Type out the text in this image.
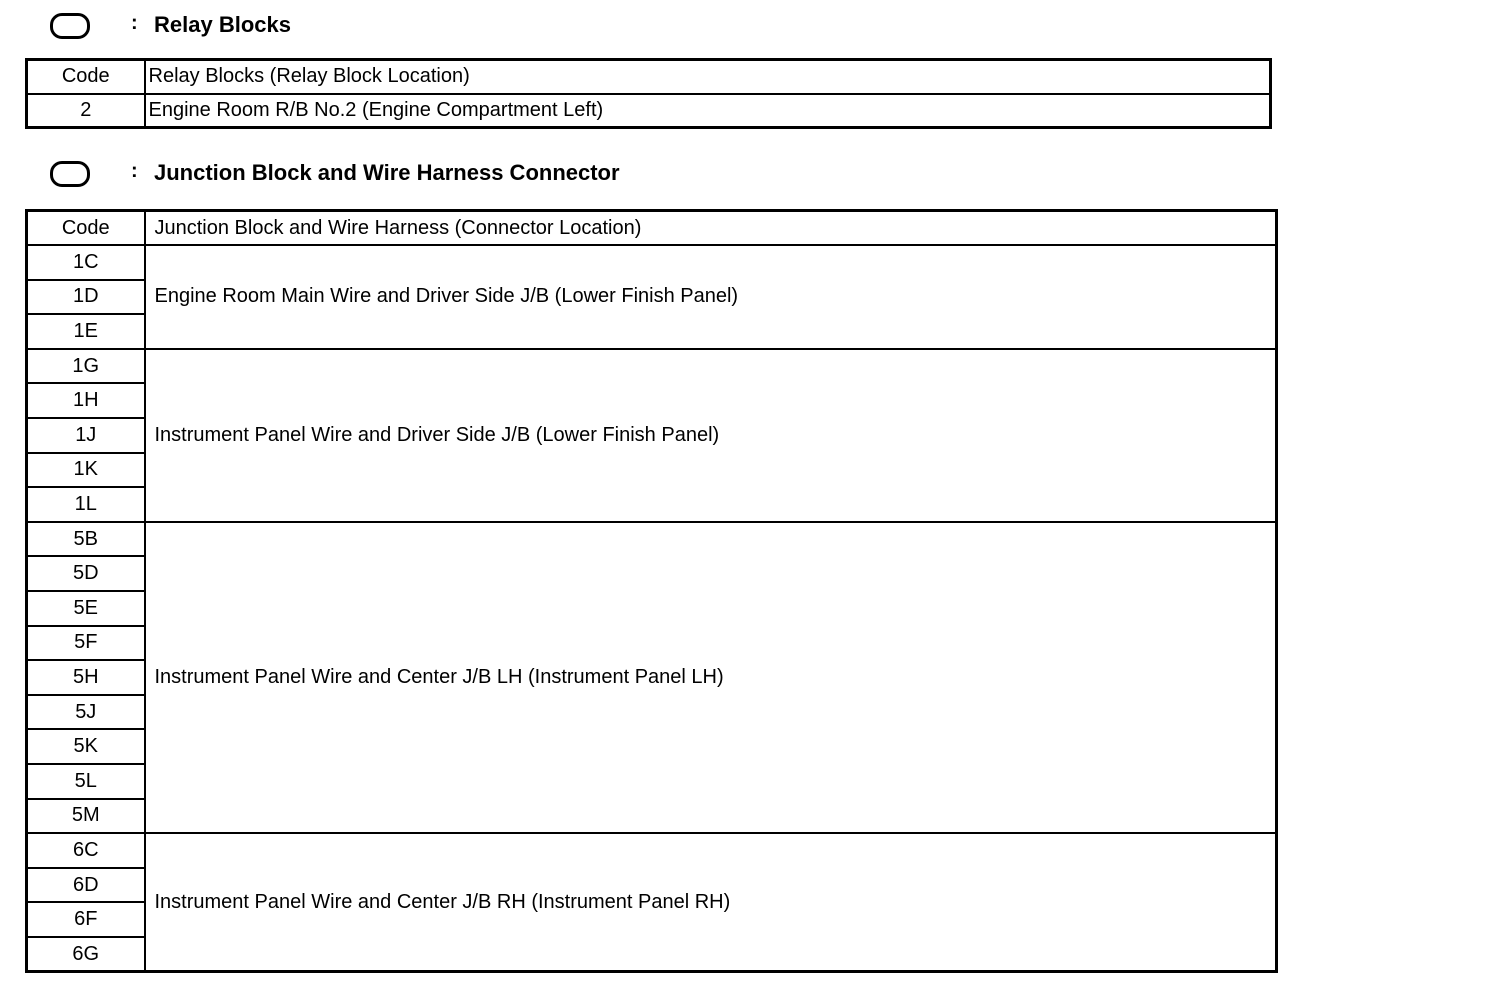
: Relay Blocks
Code	Relay Blocks (Relay Block Location)
2	Engine Room R/B No.2 (Engine Compartment Left)
: Junction Block and Wire Harness Connector
Code	Junction Block and Wire Harness (Connector Location)
1C	Engine Room Main Wire and Driver Side J/B (Lower Finish Panel)
1D	
1E	
1G	Instrument Panel Wire and Driver Side J/B (Lower Finish Panel)
1H	
1J	
1K	
1L	
5B	Instrument Panel Wire and Center J/B LH (Instrument Panel LH)
5D	
5E	
5F	
5H	
5J	
5K	
5L	
5M	
6C	Instrument Panel Wire and Center J/B RH (Instrument Panel RH)
6D	
6F	
6G	
